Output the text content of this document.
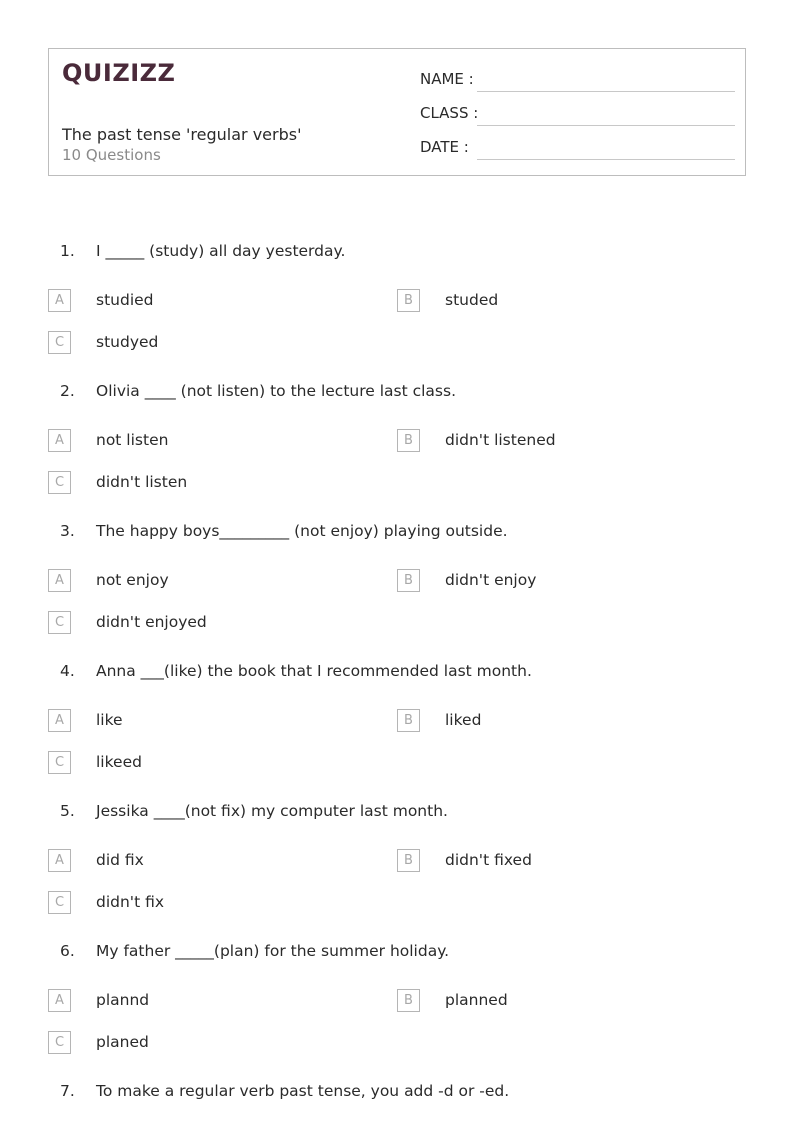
QUIZIZZ
The past tense 'regular verbs'
10 Questions
NAME :
CLASS :
DATE :
1. I _____ (study) all day yesterday.
A	studied	B	studed
C	studyed
2. Olivia ____ (not listen) to the lecture last class.
A	not listen	B	didn't listened
C	didn't listen
3. The happy boys_________ (not enjoy) playing outside.
A	not enjoy	B	didn't enjoy
C	didn't enjoyed
4. Anna ___(like) the book that I recommended last month.
A	like	B	liked
C	likeed
5. Jessika ____(not fix) my computer last month.
A	did fix	B	didn't fixed
C	didn't fix
6. My father _____(plan) for the summer holiday.
A	plannd	B	planned
C	planed
7. To make a regular verb past tense, you add -d or -ed.
